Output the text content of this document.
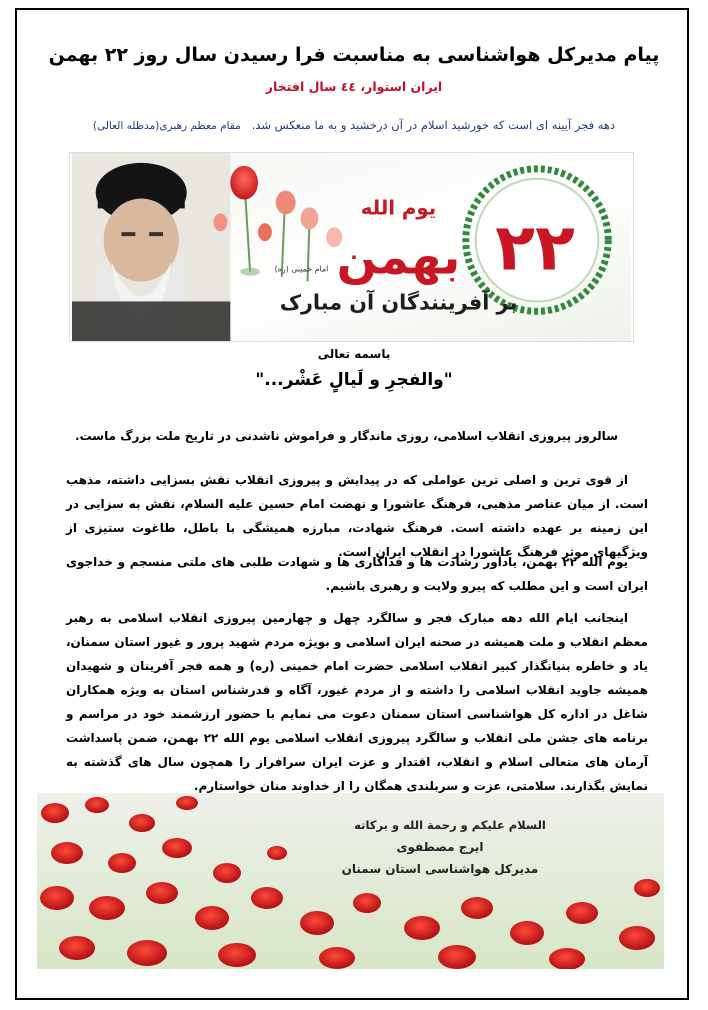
پیام مدیرکل هواشناسی به مناسبت فرا رسیدن سال روز ۲۲ بهمن
ایران استوار، ٤٤ سال افتخار
دهه فجر آیینه ای است که خورشید اسلام در آن درخشید و به ما منعکس شد.   مقام معظم رهبری(مدظله العالی)
یوم الله
۲۲
بهمن
امام خمینی (ره)
بر آفرینندگان آن مبارک
باسمه تعالی
"والفجرِ و لَیالٍ عَشْر..."
سالروز پیروزی انقلاب اسلامی، روزی ماندگار و فراموش ناشدنی در تاریخ ملت بزرگ ماست.
از قوی ترین و اصلی ترین عواملی که در پیدایش و پیروزی انقلاب نقش بسزایی داشته، مذهب است. از میان عناصر مذهبی، فرهنگ عاشورا و نهضت امام حسین علیه السلام، نقش به سزایی در این زمینه بر عهده داشته است. فرهنگ شهادت، مبارزه همیشگی با باطل، طاغوت ستیزی از ویژگیهای موثر فرهنگ عاشورا در انقلاب ایران است.
یوم الله ۲۲ بهمن، یادآور رشادت ها و فداکاری ها و شهادت طلبی های ملتی منسجم و خداجوی ایران است و این مطلب که پیرو ولایت و رهبری باشیم.
اینجانب ایام الله دهه مبارک فجر و سالگرد چهل و چهارمین پیروزی انقلاب اسلامی به رهبر معظم انقلاب و ملت همیشه در صحنه ایران اسلامی و بویژه مردم شهید پرور و غیور استان سمنان، یاد و خاطره بنیانگذار کبیر انقلاب اسلامی حضرت امام خمینی (ره) و همه فجر آفرینان و شهیدان همیشه جاوید انقلاب اسلامی را داشته و از مردم غیور، آگاه و قدرشناس استان به ویژه همکاران شاغل در اداره کل هواشناسی استان سمنان دعوت می نمایم با حضور ارزشمند خود در مراسم و برنامه های جشن ملی انقلاب و سالگرد پیروزی انقلاب اسلامی یوم الله ۲۲ بهمن، ضمن پاسداشت آرمان های متعالی اسلام و انقلاب، اقتدار و عزت ایران سرافراز را همچون سال های گذشته به نمایش بگذارند. سلامتی، عزت و سربلندی همگان را از خداوند منان خواستارم.
السلام علیکم و رحمة الله و برکاته
ایرج مصطفوی
مدیرکل هواشناسی استان سمنان
